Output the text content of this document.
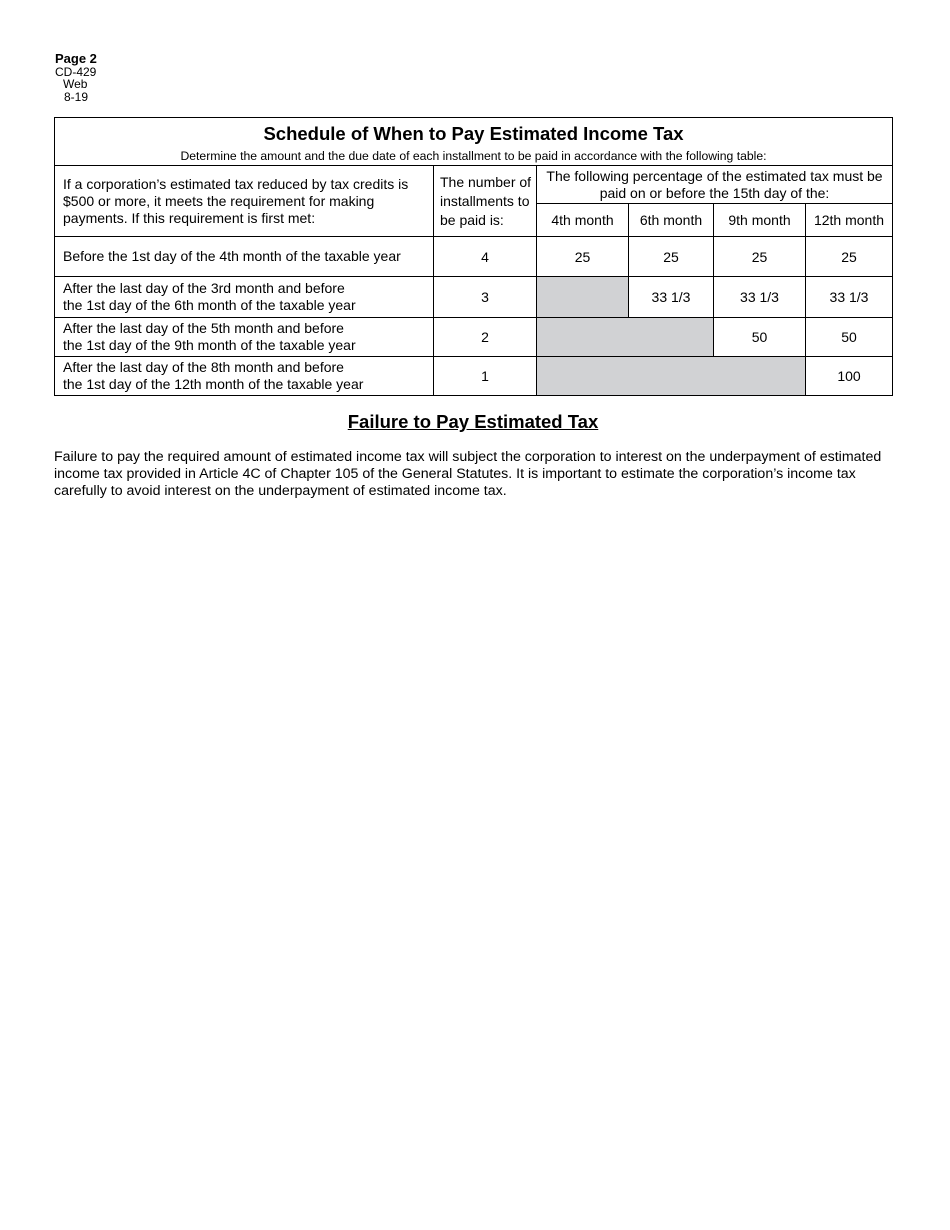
Page 2
CD-429
Web
8-19
Schedule of When to Pay Estimated Income Tax
Determine the amount and the due date of each installment to be paid in accordance with the following table:					

If a corporation’s estimated tax reduced by tax credits is $500 or more, it meets the requirement for making payments. If this requirement is first met:	The number of installments to be paid is:	The following percentage of the estimated tax must be paid on or before the 15th day of the:			
		4th month	6th month	9th month	12th month
Before the 1st day of the 4th month of the taxable year	4	25	25	25	25
After the last day of the 3rd month and before
the 1st day of the 6th month of the taxable year	3		33 1/3	33 1/3	33 1/3
After the last day of the 5th month and before
the 1st day of the 9th month of the taxable year	2			50	50
After the last day of the 8th month and before
the 1st day of the 12th month of the taxable year	1				100
Failure to Pay Estimated Tax
Failure to pay the required amount of estimated income tax will subject the corporation to interest on the underpayment of estimated income tax provided in Article 4C of Chapter 105 of the General Statutes. It is important to estimate the corporation’s income tax carefully to avoid interest on the underpayment of estimated income tax.
